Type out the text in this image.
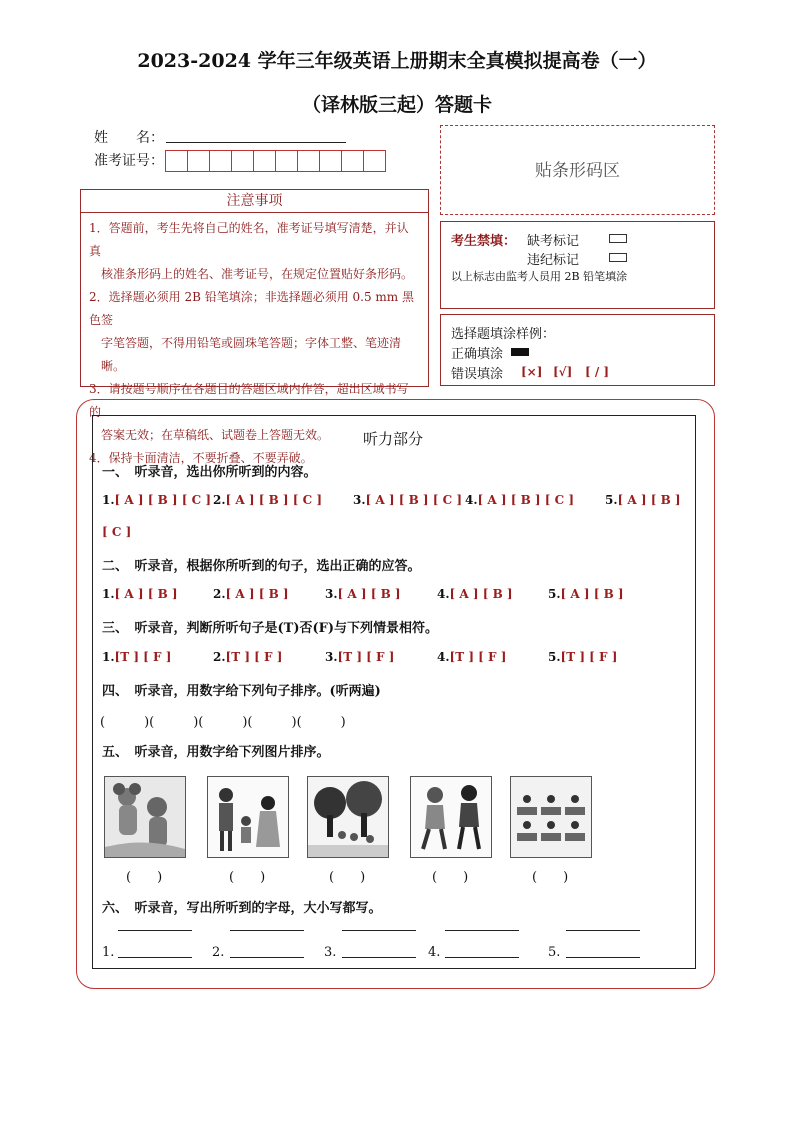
2023-2024 学年三年级英语上册期末全真模拟提高卷（一）
（译林版三起）答题卡
姓　　名：
准考证号：	贴条形码区
注意事项
1．答题前，考生先将自己的姓名，准考证号填写清楚，并认真
核准条形码上的姓名、准考证号，在规定位置贴好条形码。
2．选择题必须用 2B 铅笔填涂；非选择题必须用 0.5 mm 黑色签
字笔答题，不得用铅笔或圆珠笔答题；字体工整、笔迹清晰。
3．请按题号顺序在各题目的答题区域内作答，超出区域书写的
答案无效；在草稿纸、试题卷上答题无效。
4．保持卡面清洁，不要折叠、不要弄破。
考生禁填： 缺考标记
违纪标记
以上标志由监考人员用 2B 铅笔填涂
选择题填涂样例：
正确填涂
错误填涂 [×] [√] [ / ]
听力部分
一、　听录音，选出你所听到的内容。
1.[ A ] [ B ] [ C ] 2.[ A ] [ B ] [ C ]	3.[ A ] [ B ] [ C ] 4.[ A ] [ B ] [ C ]	5.[ A ] [ B ]
[ C ]
二、　听录音，根据你所听到的句子，选出正确的应答。
1.[ A ] [ B ]	2.[ A ] [ B ]	3.[ A ] [ B ]	4.[ A ] [ B ]	5.[ A ] [ B ]
三、　听录音，判断所听句子是(T)否(F)与下列情景相符。
1.[T ] [ F ]	2.[T ] [ F ]	3.[T ] [ F ]	4.[T ] [ F ]	5.[T ] [ F ]
四、　听录音，用数字给下列句子排序。(听两遍)
(　　　)(　　　)(　　　)(　　　)(　　　)
五、　听录音，用数字给下列图片排序。
(　　)	(　　)	(　　)	(　　)	(　　)
六、　听录音，写出所听到的字母，大小写都写。
1.	2.	3.	4.	5.
